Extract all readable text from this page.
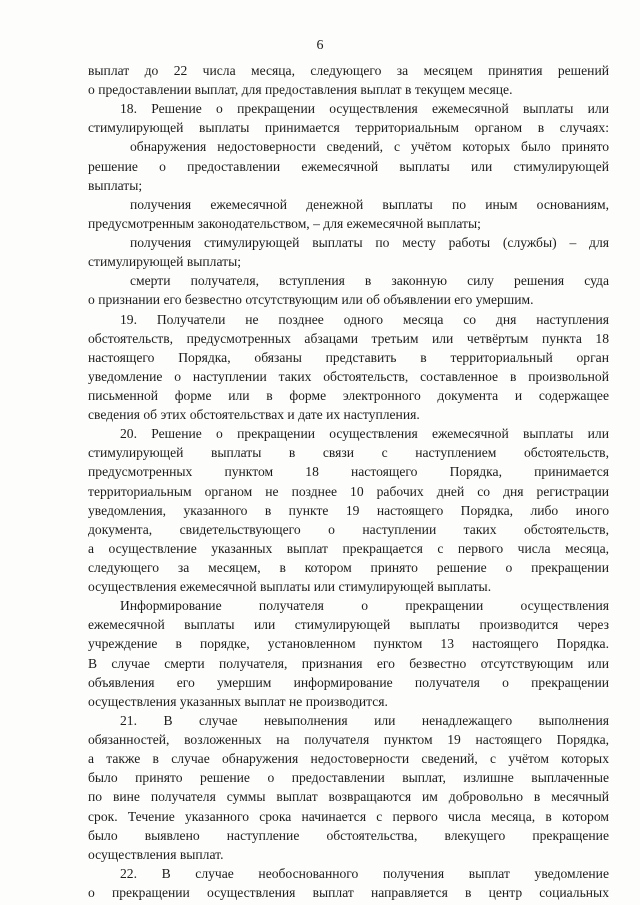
6
выплат до 22 числа месяца, следующего за месяцем принятия решений
о предоставлении выплат, для предоставления выплат в текущем месяце.
18. Решение о прекращении осуществления ежемесячной выплаты или
стимулирующей выплаты принимается территориальным органом в случаях:
обнаружения недостоверности сведений, с учётом которых было принято
решение о предоставлении ежемесячной выплаты или стимулирующей
выплаты;
получения ежемесячной денежной выплаты по иным основаниям,
предусмотренным законодательством, – для ежемесячной выплаты;
получения стимулирующей выплаты по месту работы (службы) – для
стимулирующей выплаты;
смерти получателя, вступления в законную силу решения суда
о признании его безвестно отсутствующим или об объявлении его умершим.
19. Получатели не позднее одного месяца со дня наступления
обстоятельств, предусмотренных абзацами третьим или четвёртым пункта 18
настоящего Порядка, обязаны представить в территориальный орган
уведомление о наступлении таких обстоятельств, составленное в произвольной
письменной форме или в форме электронного документа и содержащее
сведения об этих обстоятельствах и дате их наступления.
20. Решение о прекращении осуществления ежемесячной выплаты или
стимулирующей выплаты в связи с наступлением обстоятельств,
предусмотренных пунктом 18 настоящего Порядка, принимается
территориальным органом не позднее 10 рабочих дней со дня регистрации
уведомления, указанного в пункте 19 настоящего Порядка, либо иного
документа, свидетельствующего о наступлении таких обстоятельств,
а осуществление указанных выплат прекращается с первого числа месяца,
следующего за месяцем, в котором принято решение о прекращении
осуществления ежемесячной выплаты или стимулирующей выплаты.
Информирование получателя о прекращении осуществления
ежемесячной выплаты или стимулирующей выплаты производится через
учреждение в порядке, установленном пунктом 13 настоящего Порядка.
В случае смерти получателя, признания его безвестно отсутствующим или
объявления его умершим информирование получателя о прекращении
осуществления указанных выплат не производится.
21. В случае невыполнения или ненадлежащего выполнения
обязанностей, возложенных на получателя пунктом 19 настоящего Порядка,
а также в случае обнаружения недостоверности сведений, с учётом которых
было принято решение о предоставлении выплат, излишне выплаченные
по вине получателя суммы выплат возвращаются им добровольно в месячный
срок. Течение указанного срока начинается с первого числа месяца, в котором
было выявлено наступление обстоятельства, влекущего прекращение
осуществления выплат.
22. В случае необоснованного получения выплат уведомление
о прекращении осуществления выплат направляется в центр социальных
